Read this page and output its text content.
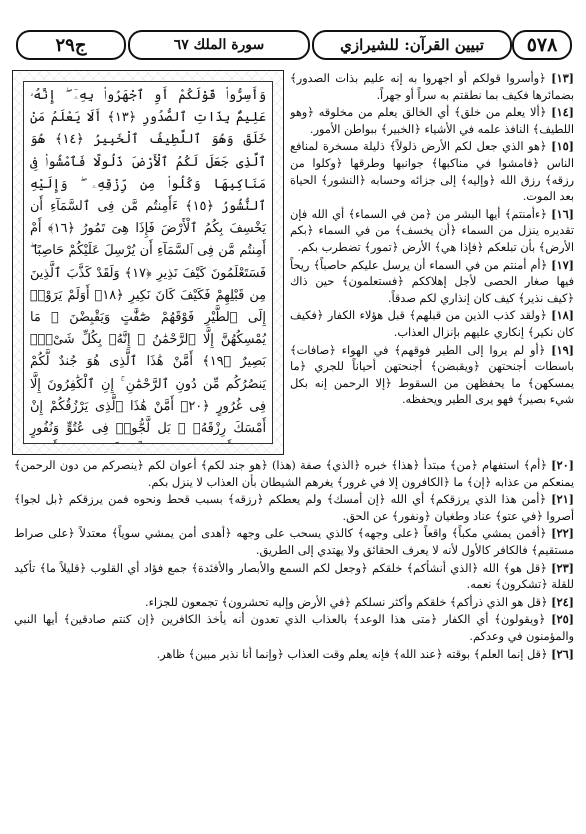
٥٧٨
تبيين القرآن: للشيرازي
سورة الملك ٦٧
ج٢٩
وَأَسِرُّوا۟ قَوْلَكُمْ أَوِ ٱجْهَرُوا۟ بِهِۦٓ ۖ إِنَّهُۥ عَلِيمٌۢ بِذَاتِ ٱلصُّدُورِ ﴿١٣﴾ أَلَا يَعْلَمُ مَنْ خَلَقَ وَهُوَ ٱللَّطِيفُ ٱلْخَبِيرُ ﴿١٤﴾ هُوَ ٱلَّذِى جَعَلَ لَكُمُ ٱلْأَرْضَ ذَلُولًا فَٱمْشُوا۟ فِى مَنَاكِبِهَا وَكُلُوا۟ مِن رِّزْقِهِۦ ۖ وَإِلَيْهِ ٱلنُّشُورُ ﴿١٥﴾ ءَأَمِنتُم مَّن فِى ٱلسَّمَآءِ أَن يَخْسِفَ بِكُمُ ٱلْأَرْضَ فَإِذَا هِىَ تَمُورُ ﴿١٦﴾ أَمْ أَمِنتُم مَّن فِى ٱلسَّمَآءِ أَن يُرْسِلَ عَلَيْكُمْ حَاصِبًا ۖ فَسَتَعْلَمُونَ كَيْفَ نَذِيرِ ﴿١٧﴾ وَلَقَدْ كَذَّبَ ٱلَّذِينَ مِن قَبْلِهِمْ فَكَيْفَ كَانَ نَكِيرِ ﴿١٨﴾ أَوَلَمْ يَرَوْا۟ إِلَى ٱلطَّيْرِ فَوْقَهُمْ صَٰٓفَّٰتٍ وَيَقْبِضْنَ ۚ مَا يُمْسِكُهُنَّ إِلَّا ٱلرَّحْمَٰنُ ۚ إِنَّهُۥ بِكُلِّ شَىْءٍۭ بَصِيرٌ ﴿١٩﴾ أَمَّنْ هَٰذَا ٱلَّذِى هُوَ جُندٌ لَّكُمْ يَنصُرُكُم مِّن دُونِ ٱلرَّحْمَٰنِ ۚ إِنِ ٱلْكَٰفِرُونَ إِلَّا فِى غُرُورٍ ﴿٢٠﴾ أَمَّنْ هَٰذَا ٱلَّذِى يَرْزُقُكُمْ إِنْ أَمْسَكَ رِزْقَهُۥ ۚ بَل لَّجُّوا۟ فِى عُتُوٍّ وَنُفُورٍ

[١٣] ﴿وأسروا قولكم أو اجهروا به إنه عليم بذات الصدور﴾ بضمائرها فكيف بما نطقتم به سراً أو جهراً.

[١٤] ﴿ألا يعلم من خلق﴾ أي الخالق يعلم من مخلوقه ﴿وهو اللطيف﴾ النافذ علمه في الأشياء ﴿الخبير﴾ ببواطن الأمور.

[١٥] ﴿هو الذي جعل لكم الأرض ذلولاً﴾ ذليلة مسخرة لمنافع الناس ﴿فامشوا في مناكبها﴾ جوانبها وطرقها ﴿وكلوا من رزقه﴾ رزق الله ﴿وإليه﴾ إلى جزائه وحسابه ﴿النشور﴾ الحياة بعد الموت.

[١٦] ﴿ءأمنتم﴾ أيها البشر من ﴿من في السماء﴾ أي الله فإن تقديره ينزل من السماء ﴿أن يخسف﴾ من في السماء ﴿بكم الأرض﴾ بأن تبلعكم ﴿فإذا هي﴾ الأرض ﴿تمور﴾ تضطرب بكم.

[١٧] ﴿أم أمنتم من في السماء أن يرسل عليكم حاصباً﴾ ريحاً فيها صغار الحصى لأجل إهلاككم ﴿فستعلمون﴾ حين ذاك ﴿كيف نذير﴾ كيف كان إنذاري لكم صدقاً.

[١٨] ﴿ولقد كذب الذين من قبلهم﴾ قبل هؤلاء الكفار ﴿فكيف كان نكير﴾ إنكاري عليهم بإنزال العذاب.

[١٩] ﴿أو لم يروا إلى الطير فوقهم﴾ في الهواء ﴿صافات﴾ باسطات أجنحتهن ﴿ويقبضن﴾ أجنحتهن أحياناً للجري ﴿ما يمسكهن﴾ ما يحفظهن من السقوط ﴿إلا الرحمن إنه بكل شيء بصير﴾ فهو يرى الطير ويحفظه.

[٢٠] ﴿أم﴾ استفهام ﴿من﴾ مبتدأ ﴿هذا﴾ خبره ﴿الذي﴾ صفة (هذا) ﴿هو جند لكم﴾ أعوان لكم ﴿ينصركم من دون الرحمن﴾ يمنعكم من عذابه ﴿إن﴾ ما ﴿الكافرون إلا في غرور﴾ يغرهم الشيطان بأن العذاب لا ينزل بكم.

[٢١] ﴿أمن هذا الذي يرزقكم﴾ أي الله ﴿إن أمسك﴾ ولم يعطكم ﴿رزقه﴾ بسبب قحط ونحوه فمن يرزقكم ﴿بل لجوا﴾ أصروا ﴿في عتو﴾ عناد وطغيان ﴿ونفور﴾ عن الحق.

[٢٢] ﴿أفمن يمشي مكباً﴾ واقعاً ﴿على وجهه﴾ كالذي يسحب على وجهه ﴿أهدى أمن يمشي سوياً﴾ معتدلاً ﴿على صراط مستقيم﴾ فالكافر كالأول لأنه لا يعرف الحقائق ولا يهتدي إلى الطريق.

[٢٣] ﴿قل هو﴾ الله ﴿الذي أنشأكم﴾ خلقكم ﴿وجعل لكم السمع والأبصار والأفئدة﴾ جمع فؤاد أي القلوب ﴿قليلاً ما﴾ تأكيد للقلة ﴿تشكرون﴾ نعمه.

[٢٤] ﴿قل هو الذي ذرأكم﴾ خلقكم وأكثر نسلكم ﴿في الأرض وإليه تحشرون﴾ تجمعون للجزاء.

[٢٥] ﴿ويقولون﴾ أي الكفار ﴿متى هذا الوعد﴾ بالعذاب الذي تعدون أنه يأخذ الكافرين ﴿إن كنتم صادقين﴾ أيها النبي والمؤمنون في وعدكم.

[٢٦] ﴿قل إنما العلم﴾ بوقته ﴿عند الله﴾ فإنه يعلم وقت العذاب ﴿وإنما أنا نذير مبين﴾ ظاهر.
